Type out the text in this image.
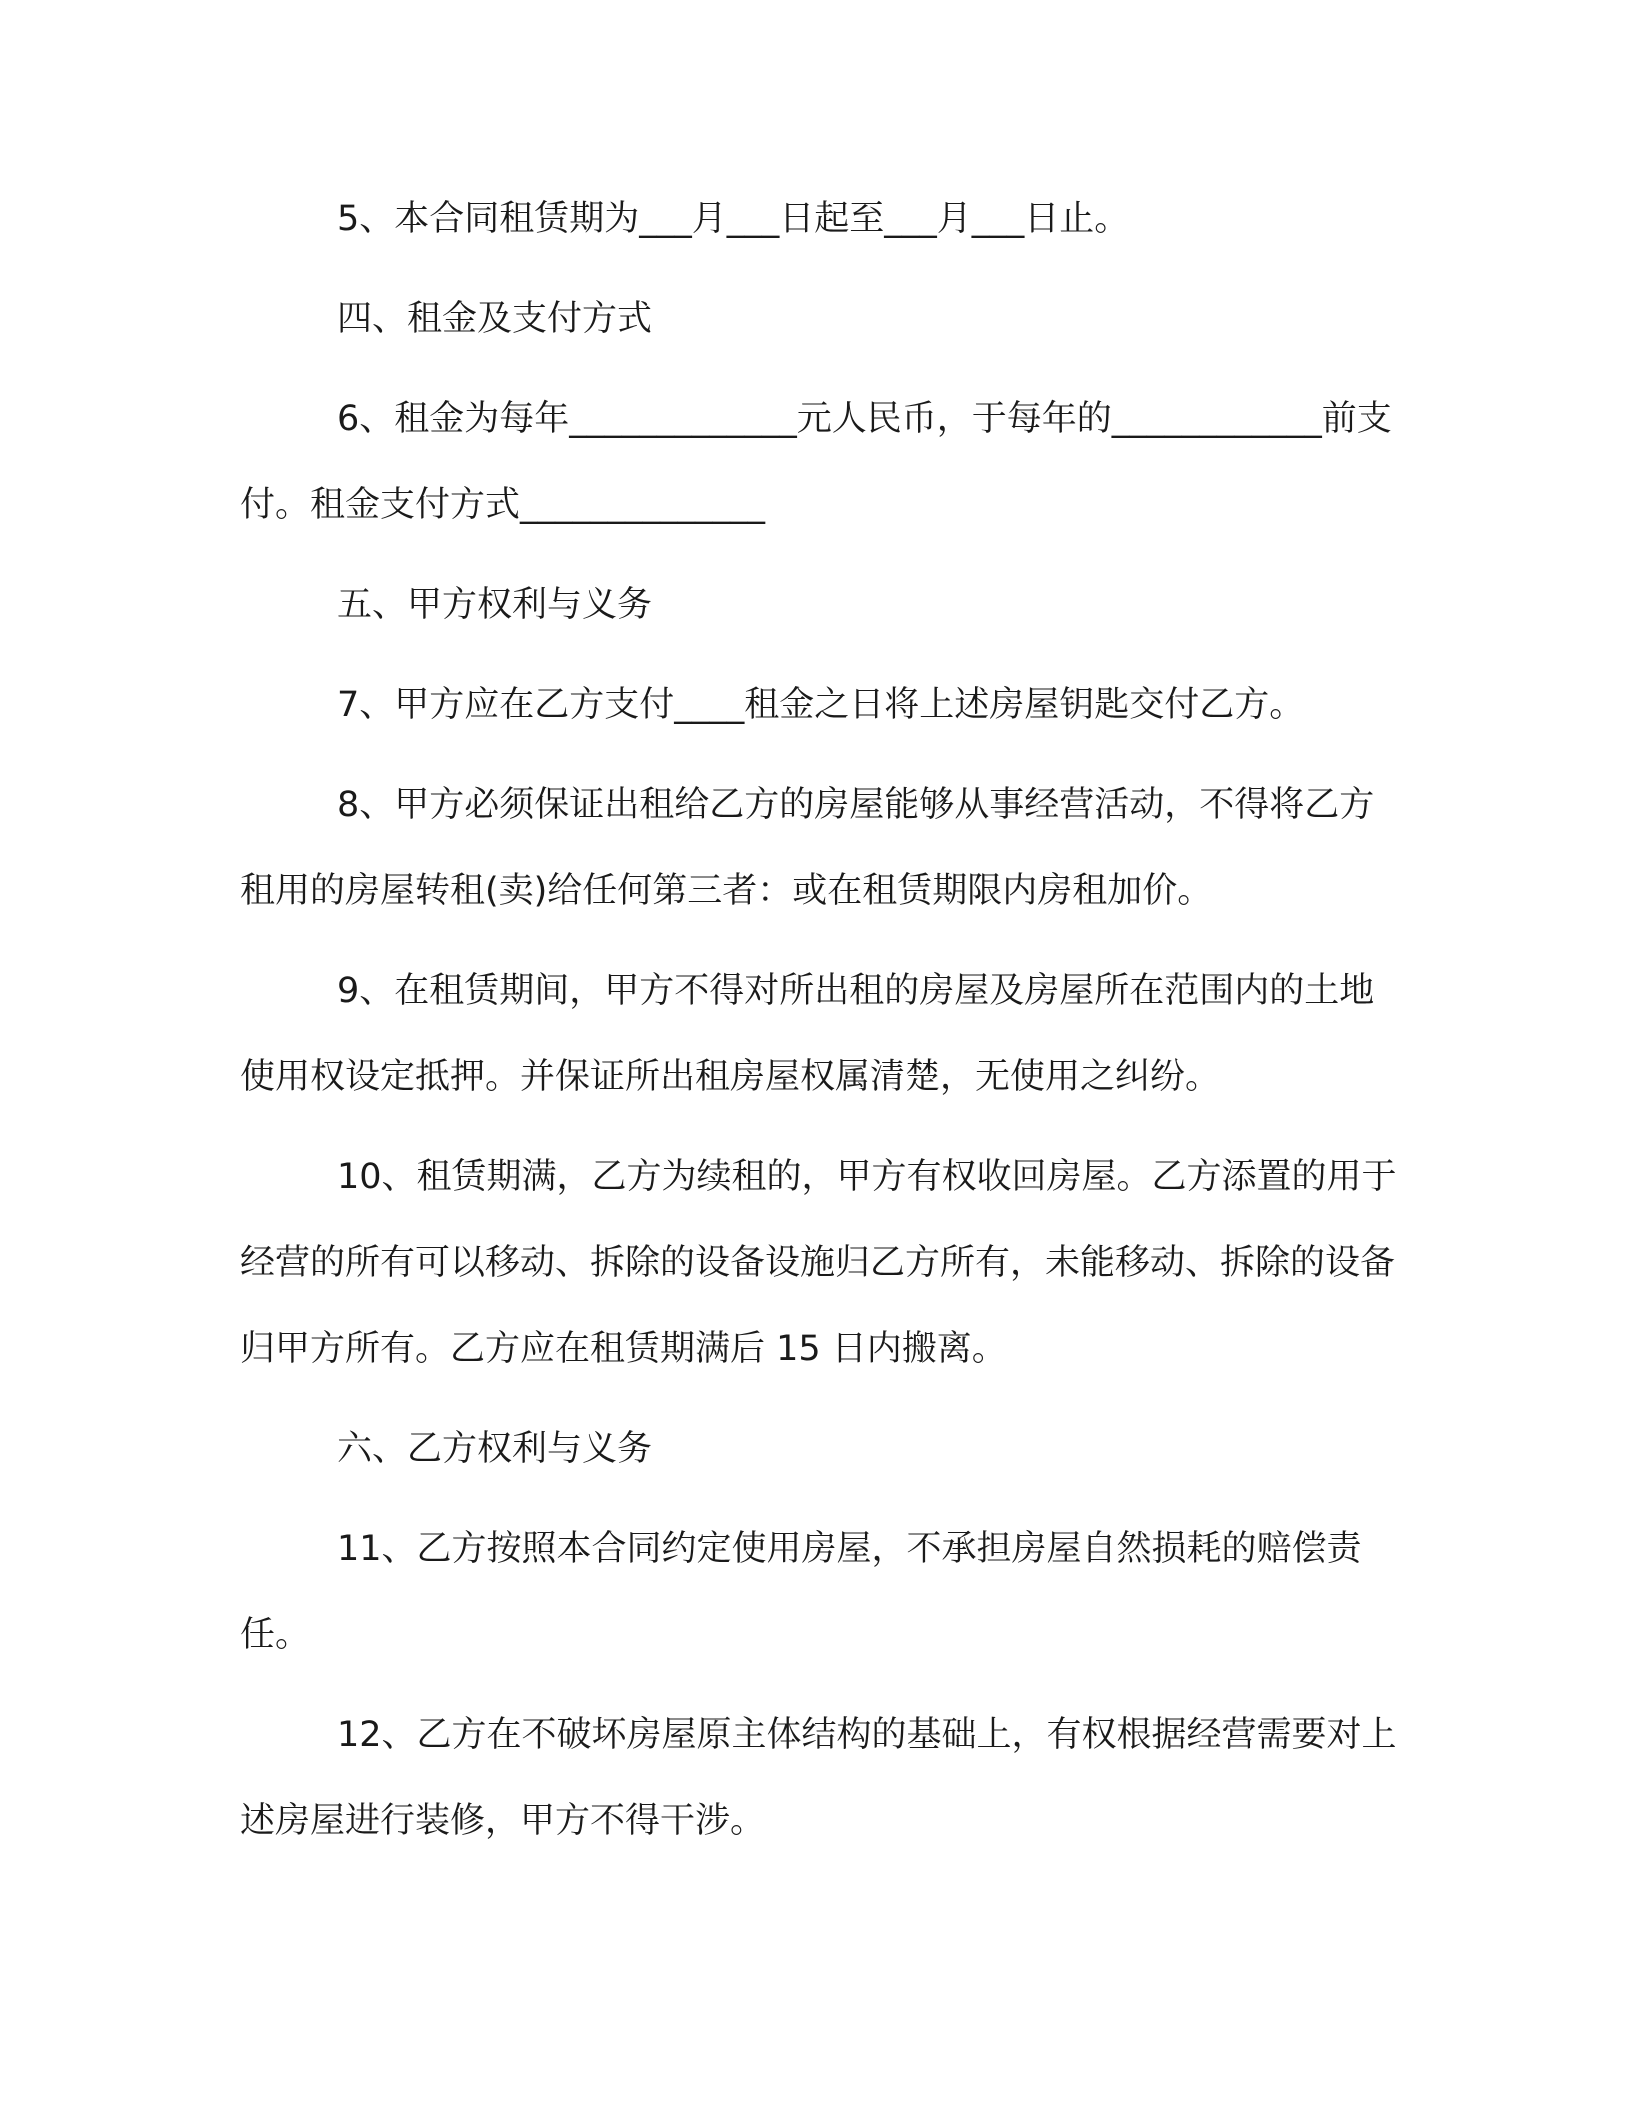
5、本合同租赁期为___月___日起至___月___日止。

四、租金及支付方式

6、租金为每年_____________元人民币，于每年的____________前支付。租金支付方式______________

五、甲方权利与义务

7、甲方应在乙方支付____租金之日将上述房屋钥匙交付乙方。

8、甲方必须保证出租给乙方的房屋能够从事经营活动，不得将乙方租用的房屋转租(卖)给任何第三者：或在租赁期限内房租加价。

9、在租赁期间，甲方不得对所出租的房屋及房屋所在范围内的土地使用权设定抵押。并保证所出租房屋权属清楚，无使用之纠纷。

10、租赁期满，乙方为续租的，甲方有权收回房屋。乙方添置的用于经营的所有可以移动、拆除的设备设施归乙方所有，未能移动、拆除的设备归甲方所有。乙方应在租赁期满后 15 日内搬离。

六、乙方权利与义务

11、乙方按照本合同约定使用房屋，不承担房屋自然损耗的赔偿责任。

12、乙方在不破坏房屋原主体结构的基础上，有权根据经营需要对上述房屋进行装修，甲方不得干涉。
